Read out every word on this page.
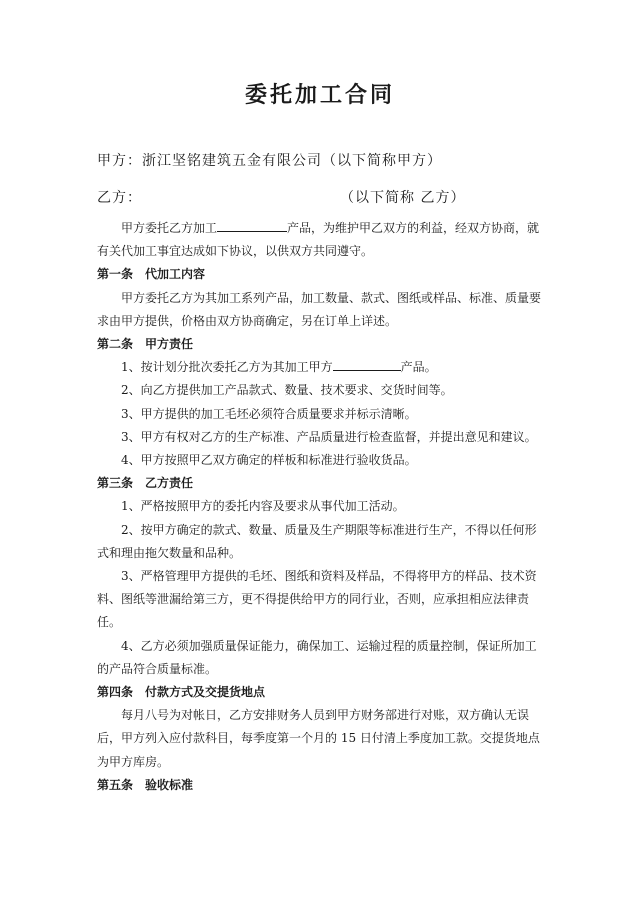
委托加工合同
甲方：浙江坚铭建筑五金有限公司（以下简称甲方）
乙方：	（以下简称 乙方）

甲方委托乙方加工	产品，为维护甲乙双方的利益，经双方协商，就有关代加工事宜达成如下协议，以供双方共同遵守。

第一条　代加工内容

甲方委托乙方为其加工系列产品，加工数量、款式、图纸或样品、标准、质量要求由甲方提供，价格由双方协商确定，另在订单上详述。

第二条　甲方责任

1、按计划分批次委托乙方为其加工甲方	产品。

2、向乙方提供加工产品款式、数量、技术要求、交货时间等。

3、甲方提供的加工毛坯必须符合质量要求并标示清晰。

3、甲方有权对乙方的生产标准、产品质量进行检查监督，并提出意见和建议。

4、甲方按照甲乙双方确定的样板和标准进行验收货品。

第三条　乙方责任

1、严格按照甲方的委托内容及要求从事代加工活动。

2、按甲方确定的款式、数量、质量及生产期限等标准进行生产，不得以任何形式和理由拖欠数量和品种。

3、严格管理甲方提供的毛坯、图纸和资料及样品，不得将甲方的样品、技术资料、图纸等泄漏给第三方，更不得提供给甲方的同行业，否则，应承担相应法律责任。

4、乙方必须加强质量保证能力，确保加工、运输过程的质量控制，保证所加工的产品符合质量标准。

第四条　付款方式及交提货地点

每月八号为对帐日，乙方安排财务人员到甲方财务部进行对账，双方确认无误后，甲方列入应付款科目，每季度第一个月的 15 日付清上季度加工款。交提货地点为甲方库房。

第五条　验收标准
